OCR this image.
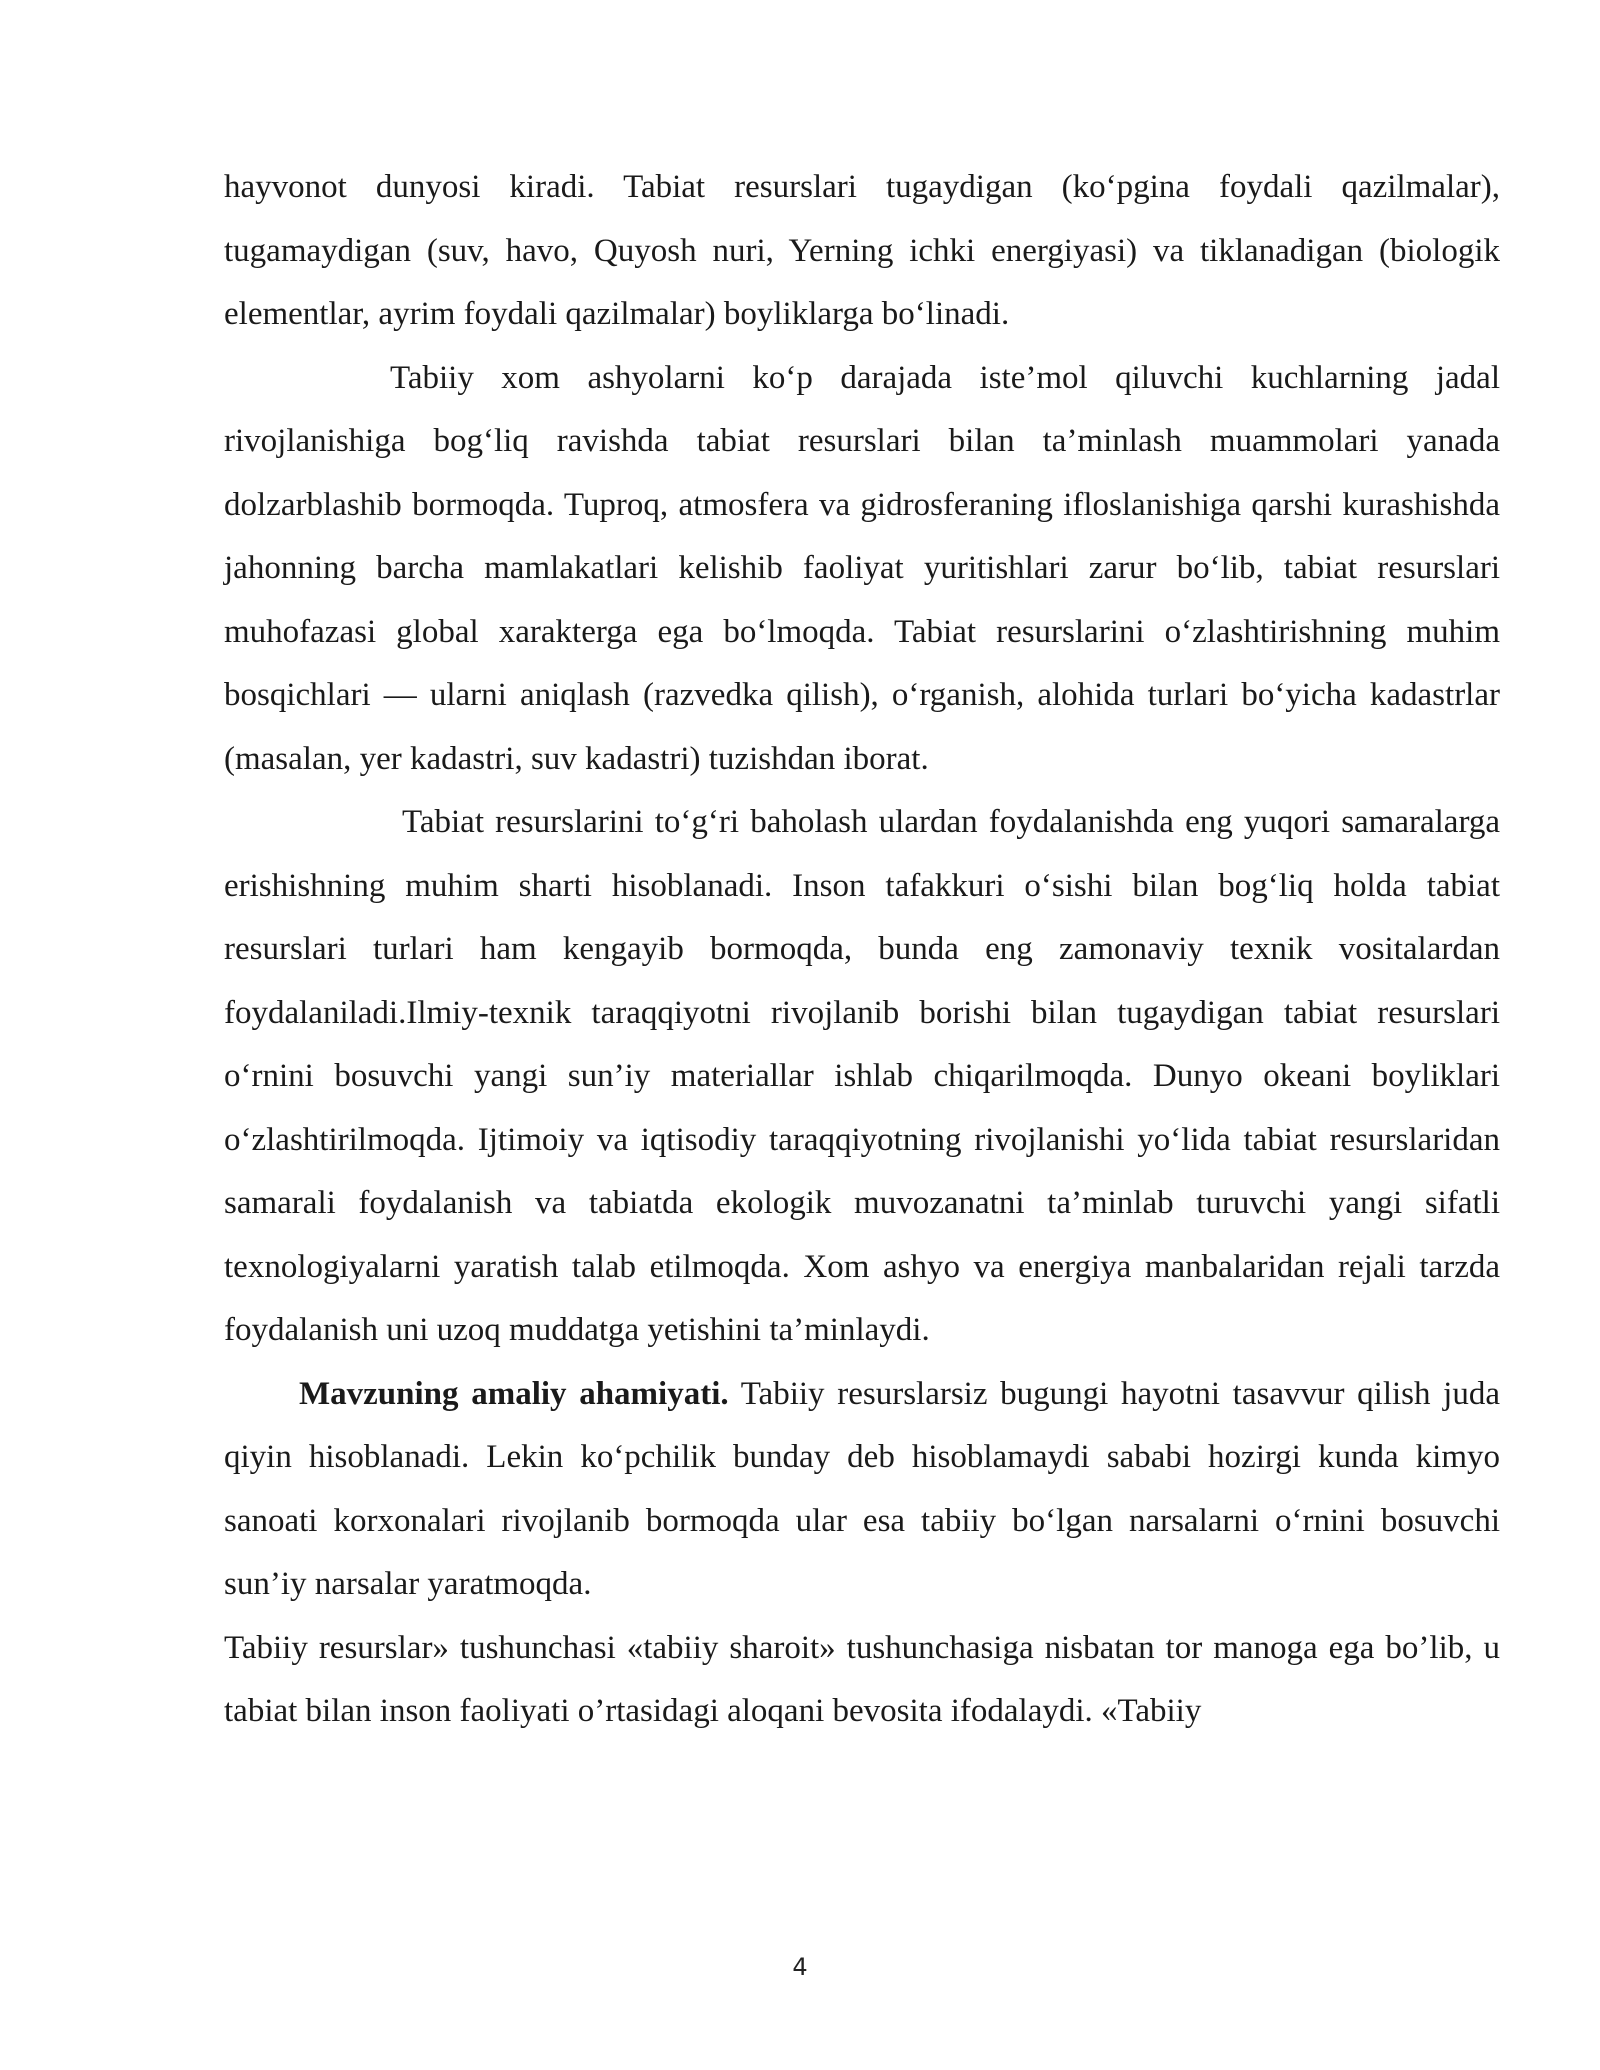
hayvonot dunyosi kiradi. Tabiat resurslari tugaydigan (ko‘pgina foydali qazilmalar), tugamaydigan (suv, havo, Quyosh nuri, Yerning ichki energiyasi) va tiklanadigan (biologik elementlar, ayrim foydali qazilmalar) boyliklarga bo‘linadi.

Tabiiy xom ashyolarni ko‘p darajada iste’mol qiluvchi kuchlarning jadal rivojlanishiga bog‘liq ravishda tabiat resurslari bilan ta’minlash muammolari yanada dolzarblashib bormoqda. Tuproq, atmosfera va gidrosferaning ifloslanishiga qarshi kurashishda jahonning barcha mamlakatlari kelishib faoliyat yuritishlari zarur bo‘lib, tabiat resurslari muhofazasi global xarakterga ega bo‘lmoqda. Tabiat resurslarini o‘zlashtirishning muhim bosqichlari — ularni aniqlash (razvedka qilish), o‘rganish, alohida turlari bo‘yicha kadastrlar (masalan, yer kadastri, suv kadastri) tuzishdan iborat.

Tabiat resurslarini to‘g‘ri baholash ulardan foydalanishda eng yuqori samaralarga erishishning muhim sharti hisoblanadi. Inson tafakkuri o‘sishi bilan bog‘liq holda tabiat resurslari turlari ham kengayib bormoqda, bunda eng zamonaviy texnik vositalardan foydalaniladi.Ilmiy-texnik taraqqiyotni rivojlanib borishi bilan tugaydigan tabiat resurslari o‘rnini bosuvchi yangi sun’iy materiallar ishlab chiqarilmoqda. Dunyo okeani boyliklari o‘zlashtirilmoqda. Ijtimoiy va iqtisodiy taraqqiyotning rivojlanishi yo‘lida tabiat resurslaridan samarali foydalanish va tabiatda ekologik muvozanatni ta’minlab turuvchi yangi sifatli texnologiyalarni yaratish talab etilmoqda. Xom ashyo va energiya manbalaridan rejali tarzda foydalanish uni uzoq muddatga yetishini ta’minlaydi.

Mavzuning amaliy ahamiyati. Tabiiy resurslarsiz bugungi hayotni tasavvur qilish juda qiyin hisoblanadi. Lekin ko‘pchilik bunday deb hisoblamaydi sababi hozirgi kunda kimyo sanoati korxonalari rivojlanib bormoqda ular esa tabiiy bo‘lgan narsalarni o‘rnini bosuvchi sun’iy narsalar yaratmoqda.

Tabiiy resurslar» tushunchasi «tabiiy sharoit» tushunchasiga nisbatan tor manoga ega bo’lib, u tabiat bilan inson faoliyati o’rtasidagi aloqani bevosita ifodalaydi. «Tabiiy

4
